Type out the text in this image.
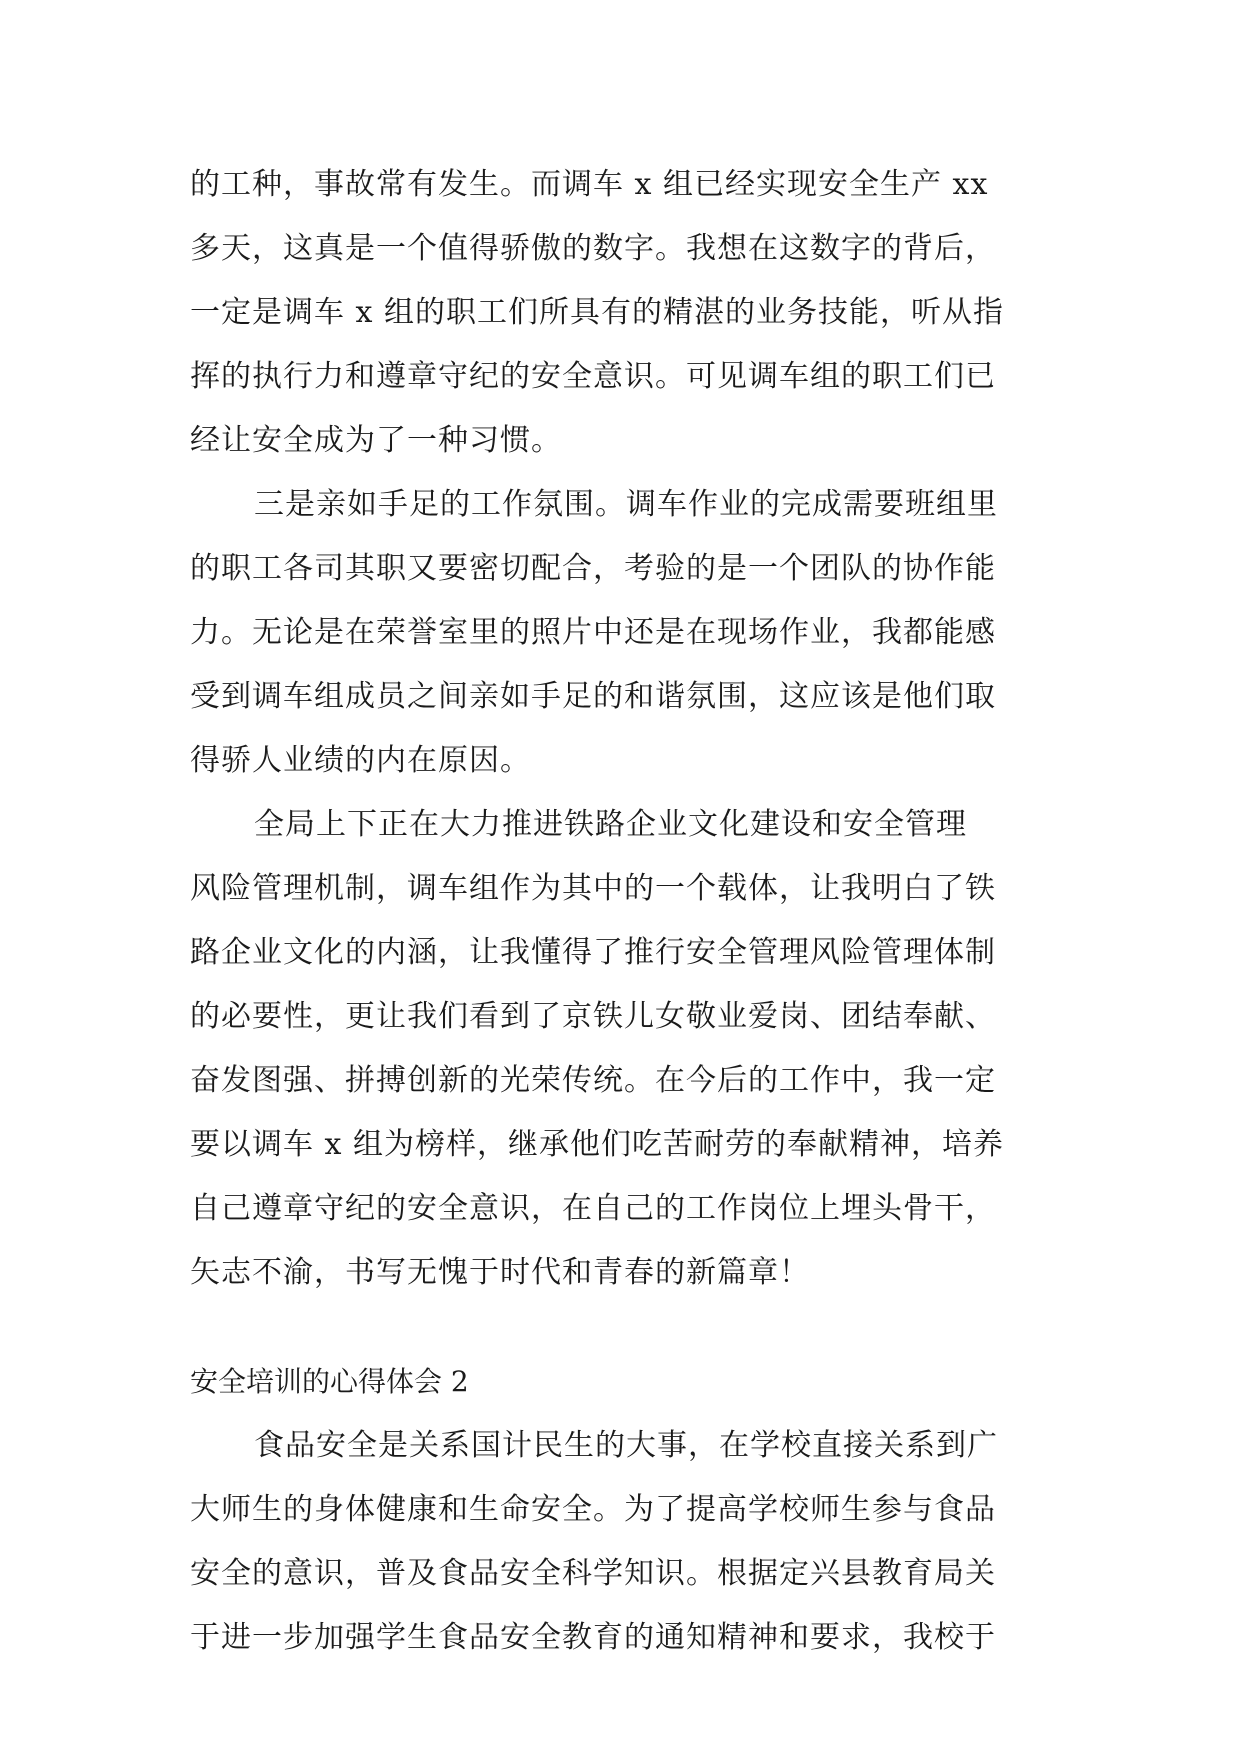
的工种，事故常有发生。而调车 x 组已经实现安全生产 xx
多天，这真是一个值得骄傲的数字。我想在这数字的背后，
一定是调车 x 组的职工们所具有的精湛的业务技能，听从指
挥的执行力和遵章守纪的安全意识。可见调车组的职工们已
经让安全成为了一种习惯。
三是亲如手足的工作氛围。调车作业的完成需要班组里
的职工各司其职又要密切配合，考验的是一个团队的协作能
力。无论是在荣誉室里的照片中还是在现场作业，我都能感
受到调车组成员之间亲如手足的和谐氛围，这应该是他们取
得骄人业绩的内在原因。
全局上下正在大力推进铁路企业文化建设和安全管理
风险管理机制，调车组作为其中的一个载体，让我明白了铁
路企业文化的内涵，让我懂得了推行安全管理风险管理体制
的必要性，更让我们看到了京铁儿女敬业爱岗、团结奉献、
奋发图强、拼搏创新的光荣传统。在今后的工作中，我一定
要以调车 x 组为榜样，继承他们吃苦耐劳的奉献精神，培养
自己遵章守纪的安全意识，在自己的工作岗位上埋头骨干，
矢志不渝，书写无愧于时代和青春的新篇章！
安全培训的心得体会 2
食品安全是关系国计民生的大事，在学校直接关系到广
大师生的身体健康和生命安全。为了提高学校师生参与食品
安全的意识，普及食品安全科学知识。根据定兴县教育局关
于进一步加强学生食品安全教育的通知精神和要求，我校于
